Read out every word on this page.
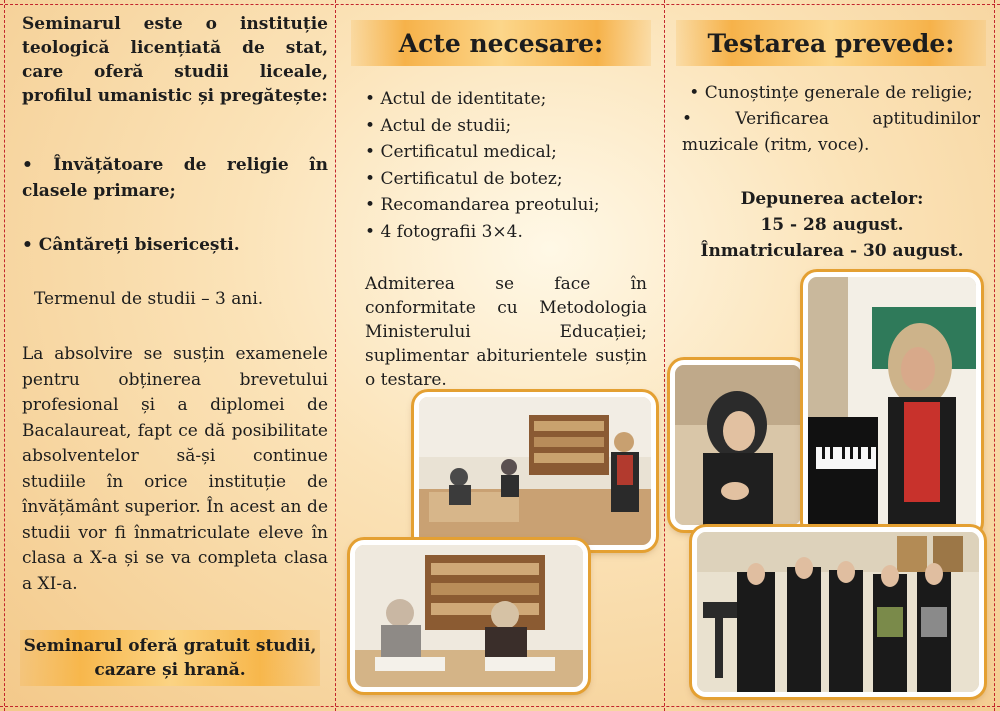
Seminarul este o instituție teologică licențiată de stat, care oferă studii liceale, profilul umanistic și pregătește:
• Învățătoare de religie în clasele primare;
• Cântăreți bisericești.
Termenul de studii – 3 ani.
La absolvire se susțin examenele pentru obținerea brevetului profesional și a diplomei de Bacalaureat, fapt ce dă posibilitate absolventelor să-și continue studiile în orice instituție de învățământ superior. În acest an de studii vor fi înmatriculate eleve în clasa a X-a și se va completa clasa a XI-a.
Seminarul oferă gratuit studii, cazare și hrană.
Acte necesare:
• Actul de identitate;
• Actul de studii;
• Certificatul medical;
• Certificatul de botez;
• Recomandarea preotului;
• 4 fotografii 3×4.
Admiterea se face în conformitate cu Metodologia Ministerului Educației; suplimentar abiturientele susțin o testare.
Testarea prevede:
• Cunoștințe generale de religie;
• Verificarea aptitudinilor muzicale (ritm, voce).
Depunerea actelor:
15 - 28 august.
Înmatricularea - 30 august.
